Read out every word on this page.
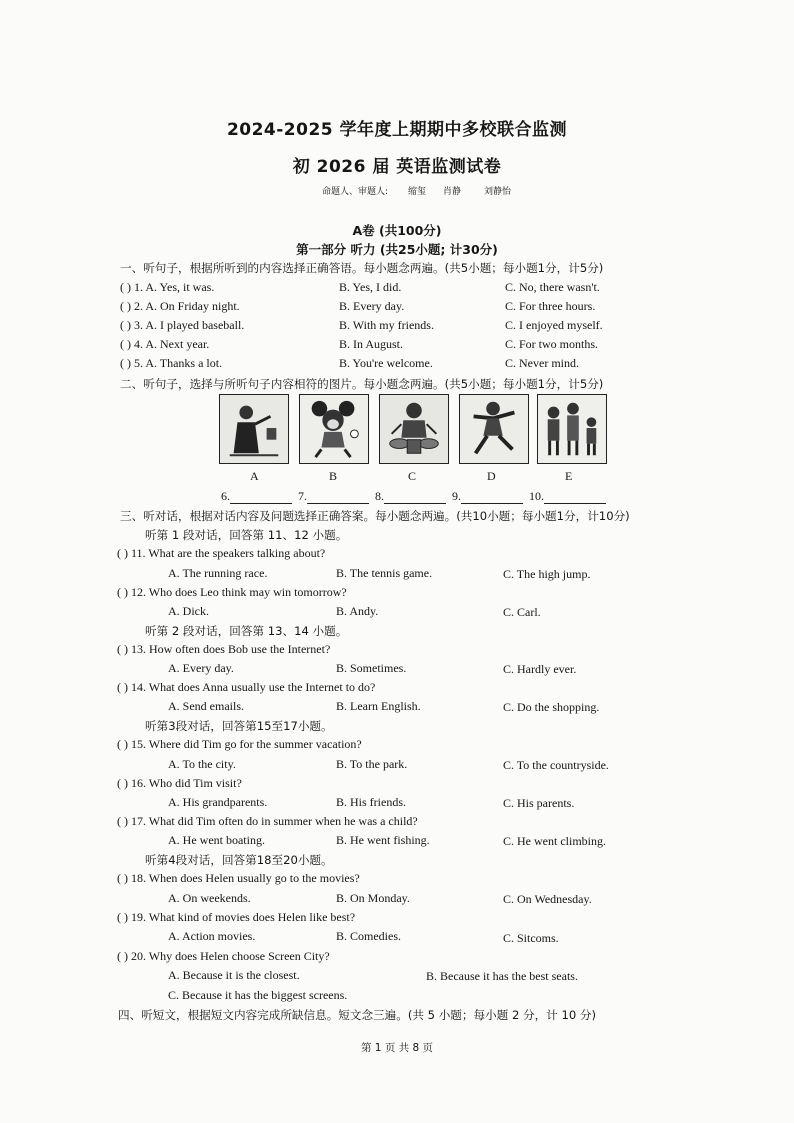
2024-2025 学年度上期期中多校联合监测
初 2026 届 英语监测试卷
命题人、审题人: 缩玺 肖静	刘静怡
A卷 (共100分)
第一部分 听力 (共25小题; 计30分)
一、听句子，根据所听到的内容选择正确答语。每小题念两遍。(共5小题；每小题1分，计5分)
( ) 1. A. Yes, it was.	B. Yes, I did.	C. No, there wasn't.
( ) 2. A. On Friday night.	B. Every day.	C. For three hours.
( ) 3. A. I played baseball.	B. With my friends.	C. I enjoyed myself.
( ) 4. A. Next year.	B. In August.	C. For two months.
( ) 5. A. Thanks a lot.	B. You're welcome.	C. Never mind.
二、听句子，选择与所听句子内容相符的图片。每小题念两遍。(共5小题；每小题1分，计5分)
A	B	C	D	E
6.	7.	8.	9.	10.
三、听对话，根据对话内容及问题选择正确答案。每小题念两遍。(共10小题；每小题1分，计10分)
听第 1 段对话，回答第 11、12 小题。
( ) 11. What are the speakers talking about?
A. The running race.	B. The tennis game.	C. The high jump.
( ) 12. Who does Leo think may win tomorrow?
A. Dick.	B. Andy.	C. Carl.
听第 2 段对话，回答第 13、14 小题。
( ) 13. How often does Bob use the Internet?
A. Every day.	B. Sometimes.	C. Hardly ever.
( ) 14. What does Anna usually use the Internet to do?
A. Send emails.	B. Learn English.	C. Do the shopping.
听第3段对话，回答第15至17小题。
( ) 15. Where did Tim go for the summer vacation?
A. To the city.	B. To the park.	C. To the countryside.
( ) 16. Who did Tim visit?
A. His grandparents.	B. His friends.	C. His parents.
( ) 17. What did Tim often do in summer when he was a child?
A. He went boating.	B. He went fishing.	C. He went climbing.
听第4段对话，回答第18至20小题。
( ) 18. When does Helen usually go to the movies?
A. On weekends.	B. On Monday.	C. On Wednesday.
( ) 19. What kind of movies does Helen like best?
A. Action movies.	B. Comedies.	C. Sitcoms.
( ) 20. Why does Helen choose Screen City?
A. Because it is the closest.	B. Because it has the best seats.
C. Because it has the biggest screens.
四、听短文，根据短文内容完成所缺信息。短文念三遍。(共 5 小题；每小题 2 分，计 10 分)
第 1 页 共 8 页
